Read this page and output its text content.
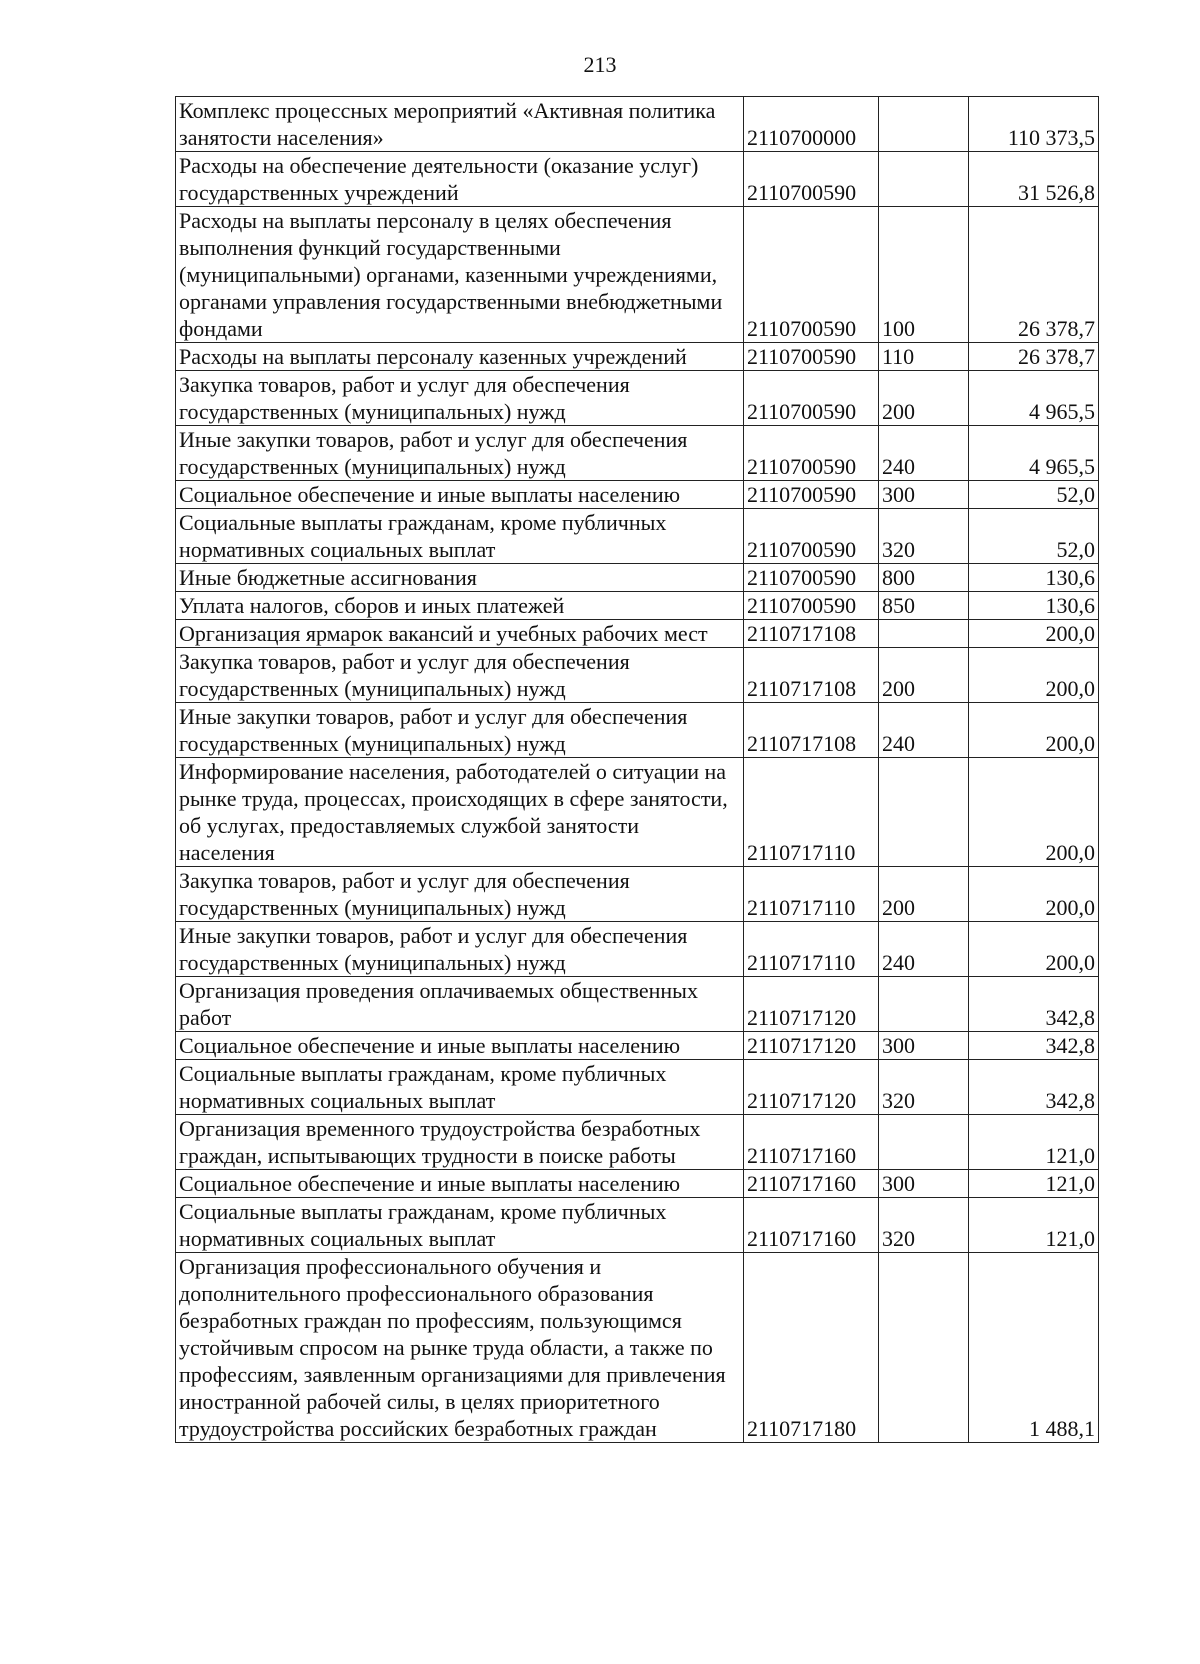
213
Комплекс процессных мероприятий «Активная политика занятости населения»	2110700000		110 373,5
Расходы на обеспечение деятельности (оказание услуг) государственных учреждений	2110700590		31 526,8
Расходы на выплаты персоналу в целях обеспечения выполнения функций государственными (муниципальными) органами, казенными учреждениями, органами управления государственными внебюджетными фондами	2110700590	100	26 378,7
Расходы на выплаты персоналу казенных учреждений	2110700590	110	26 378,7
Закупка товаров, работ и услуг для обеспечения государственных (муниципальных) нужд	2110700590	200	4 965,5
Иные закупки товаров, работ и услуг для обеспечения государственных (муниципальных) нужд	2110700590	240	4 965,5
Социальное обеспечение и иные выплаты населению	2110700590	300	52,0
Социальные выплаты гражданам, кроме публичных нормативных социальных выплат	2110700590	320	52,0
Иные бюджетные ассигнования	2110700590	800	130,6
Уплата налогов, сборов и иных платежей	2110700590	850	130,6
Организация ярмарок вакансий и учебных рабочих мест	2110717108		200,0
Закупка товаров, работ и услуг для обеспечения государственных (муниципальных) нужд	2110717108	200	200,0
Иные закупки товаров, работ и услуг для обеспечения государственных (муниципальных) нужд	2110717108	240	200,0
Информирование населения, работодателей о ситуации на рынке труда, процессах, происходящих в сфере занятости, об услугах, предоставляемых службой занятости населения	2110717110		200,0
Закупка товаров, работ и услуг для обеспечения государственных (муниципальных) нужд	2110717110	200	200,0
Иные закупки товаров, работ и услуг для обеспечения государственных (муниципальных) нужд	2110717110	240	200,0
Организация проведения оплачиваемых общественных работ	2110717120		342,8
Социальное обеспечение и иные выплаты населению	2110717120	300	342,8
Социальные выплаты гражданам, кроме публичных нормативных социальных выплат	2110717120	320	342,8
Организация временного трудоустройства безработных граждан, испытывающих трудности в поиске работы	2110717160		121,0
Социальное обеспечение и иные выплаты населению	2110717160	300	121,0
Социальные выплаты гражданам, кроме публичных нормативных социальных выплат	2110717160	320	121,0
Организация профессионального обучения и дополнительного профессионального образования безработных граждан по профессиям, пользующимся устойчивым спросом на рынке труда области, а также по профессиям, заявленным организациями для привлечения иностранной рабочей силы, в целях приоритетного трудоустройства российских безработных граждан	2110717180		1 488,1
